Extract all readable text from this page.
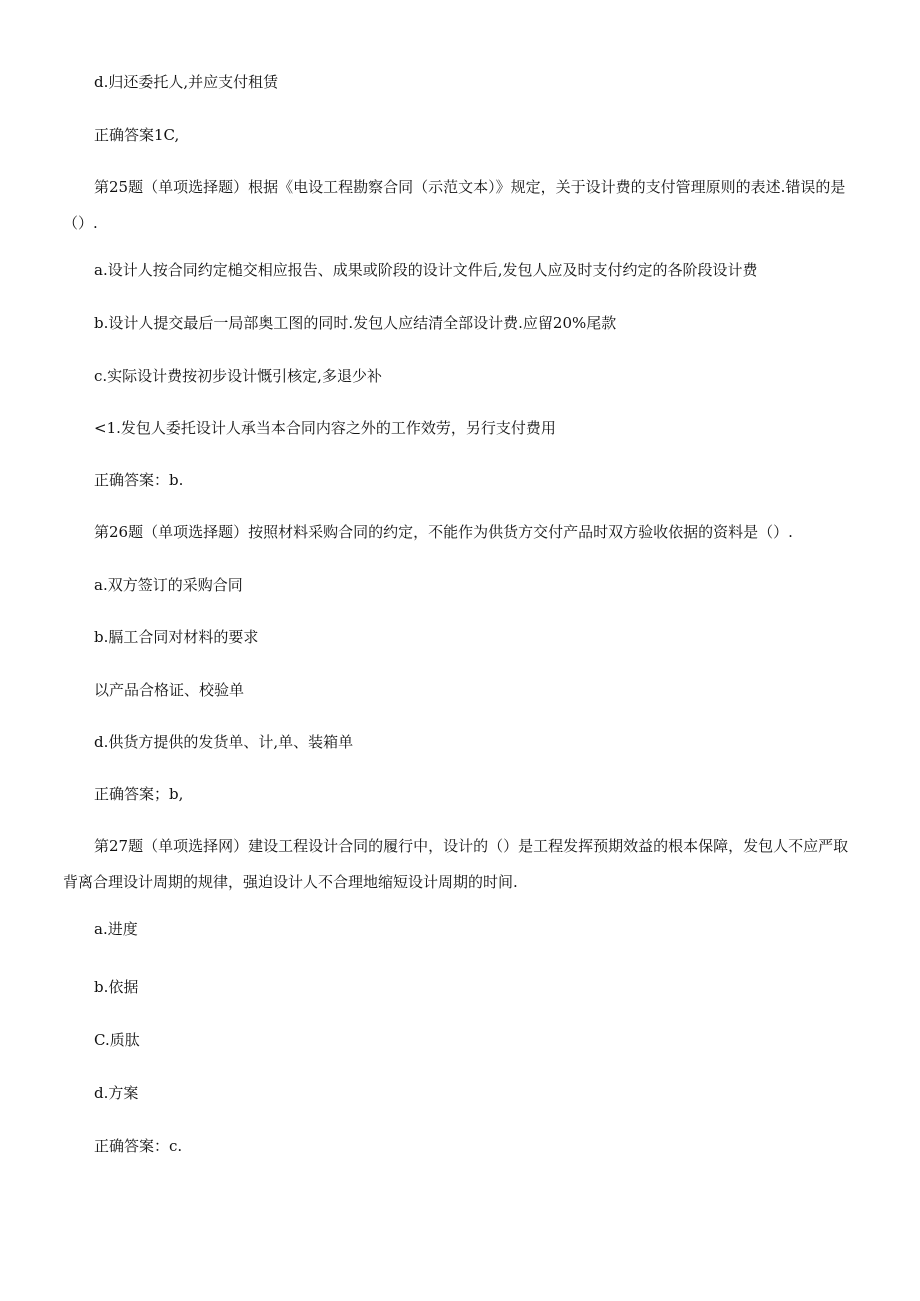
d.归还委托人,并应支付租赁
正确答案1C,
第25题（单项选择题）根据《电设工程勘察合同（示范文本）》规定，关于设计费的支付管理原则的表述.错误的是（）.
a.设计人按合同约定槌交相应报告、成果或阶段的设计文件后,发包人应及时支付约定的各阶段设计费
b.设计人提交最后一局部奥工图的同时.发包人应结清全部设计费.应留20%尾款
c.实际设计费按初步设计慨引核定,多退少补
<1.发包人委托设计人承当本合同内容之外的工作效劳，另行支付费用
正确答案：b.
第26题（单项选择题）按照材料采购合同的约定，不能作为供货方交付产品时双方验收依据的资料是（）.
a.双方签订的采购合同
b.膈工合同对材料的要求
以产品合格证、校验单
d.供货方提供的发货单、计,单、装箱单
正确答案；b,
第27题（单项选择网）建设工程设计合同的履行中，设计的（）是工程发挥预期效益的根本保障，发包人不应严取背离合理设计周期的规律，强迫设计人不合理地缩短设计周期的时间.
a.进度
b.依据
C.质肽
d.方案
正确答案：c.
